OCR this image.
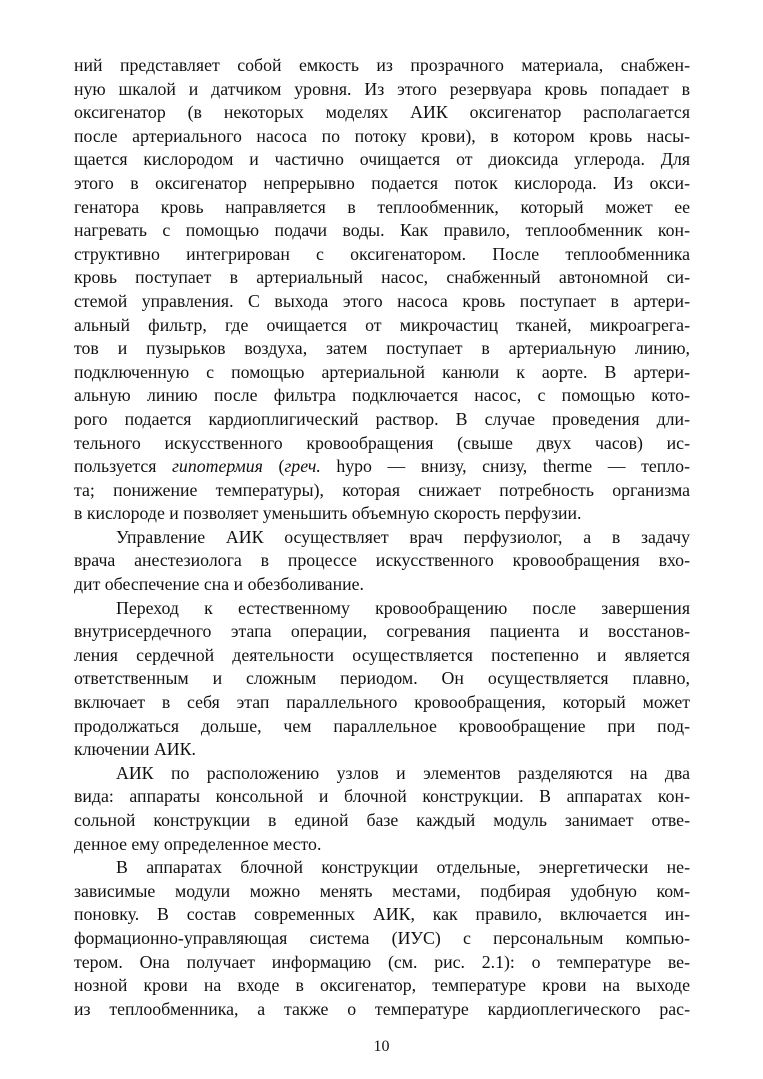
ний представляет собой емкость из прозрачного материала, снабжен-
ную шкалой и датчиком уровня. Из этого резервуара кровь попадает в
оксигенатор (в некоторых моделях АИК оксигенатор располагается
после артериального насоса по потоку крови), в котором кровь насы-
щается кислородом и частично очищается от диоксида углерода. Для
этого в оксигенатор непрерывно подается поток кислорода. Из окси-
генатора кровь направляется в теплообменник, который может ее
нагревать с помощью подачи воды. Как правило, теплообменник кон-
структивно интегрирован с оксигенатором. После теплообменника
кровь поступает в артериальный насос, снабженный автономной си-
стемой управления. С выхода этого насоса кровь поступает в артери-
альный фильтр, где очищается от микрочастиц тканей, микроагрега-
тов и пузырьков воздуха, затем поступает в артериальную линию,
подключенную с помощью артериальной канюли к аорте. В артери-
альную линию после фильтра подключается насос, с помощью кото-
рого подается кардиоплигический раствор. В случае проведения дли-
тельного искусственного кровообращения (свыше двух часов) ис-
пользуется гипотермия (греч. hypo — внизу, снизу, therme — тепло-
та; понижение температуры), которая снижает потребность организма
в кислороде и позволяет уменьшить объемную скорость перфузии.
Управление АИК осуществляет врач перфузиолог, а в задачу
врача анестезиолога в процессе искусственного кровообращения вхо-
дит обеспечение сна и обезболивание.
Переход к естественному кровообращению после завершения
внутрисердечного этапа операции, согревания пациента и восстанов-
ления сердечной деятельности осуществляется постепенно и является
ответственным и сложным периодом. Он осуществляется плавно,
включает в себя этап параллельного кровообращения, который может
продолжаться дольше, чем параллельное кровообращение при под-
ключении АИК.
АИК по расположению узлов и элементов разделяются на два
вида: аппараты консольной и блочной конструкции. В аппаратах кон-
сольной конструкции в единой базе каждый модуль занимает отве-
денное ему определенное место.
В аппаратах блочной конструкции отдельные, энергетически не-
зависимые модули можно менять местами, подбирая удобную ком-
поновку. В состав современных АИК, как правило, включается ин-
формационно-управляющая система (ИУС) с персональным компью-
тером. Она получает информацию (см. рис. 2.1): о температуре ве-
нозной крови на входе в оксигенатор, температуре крови на выходе
из теплообменника, а также о температуре кардиоплегического рас-
10
